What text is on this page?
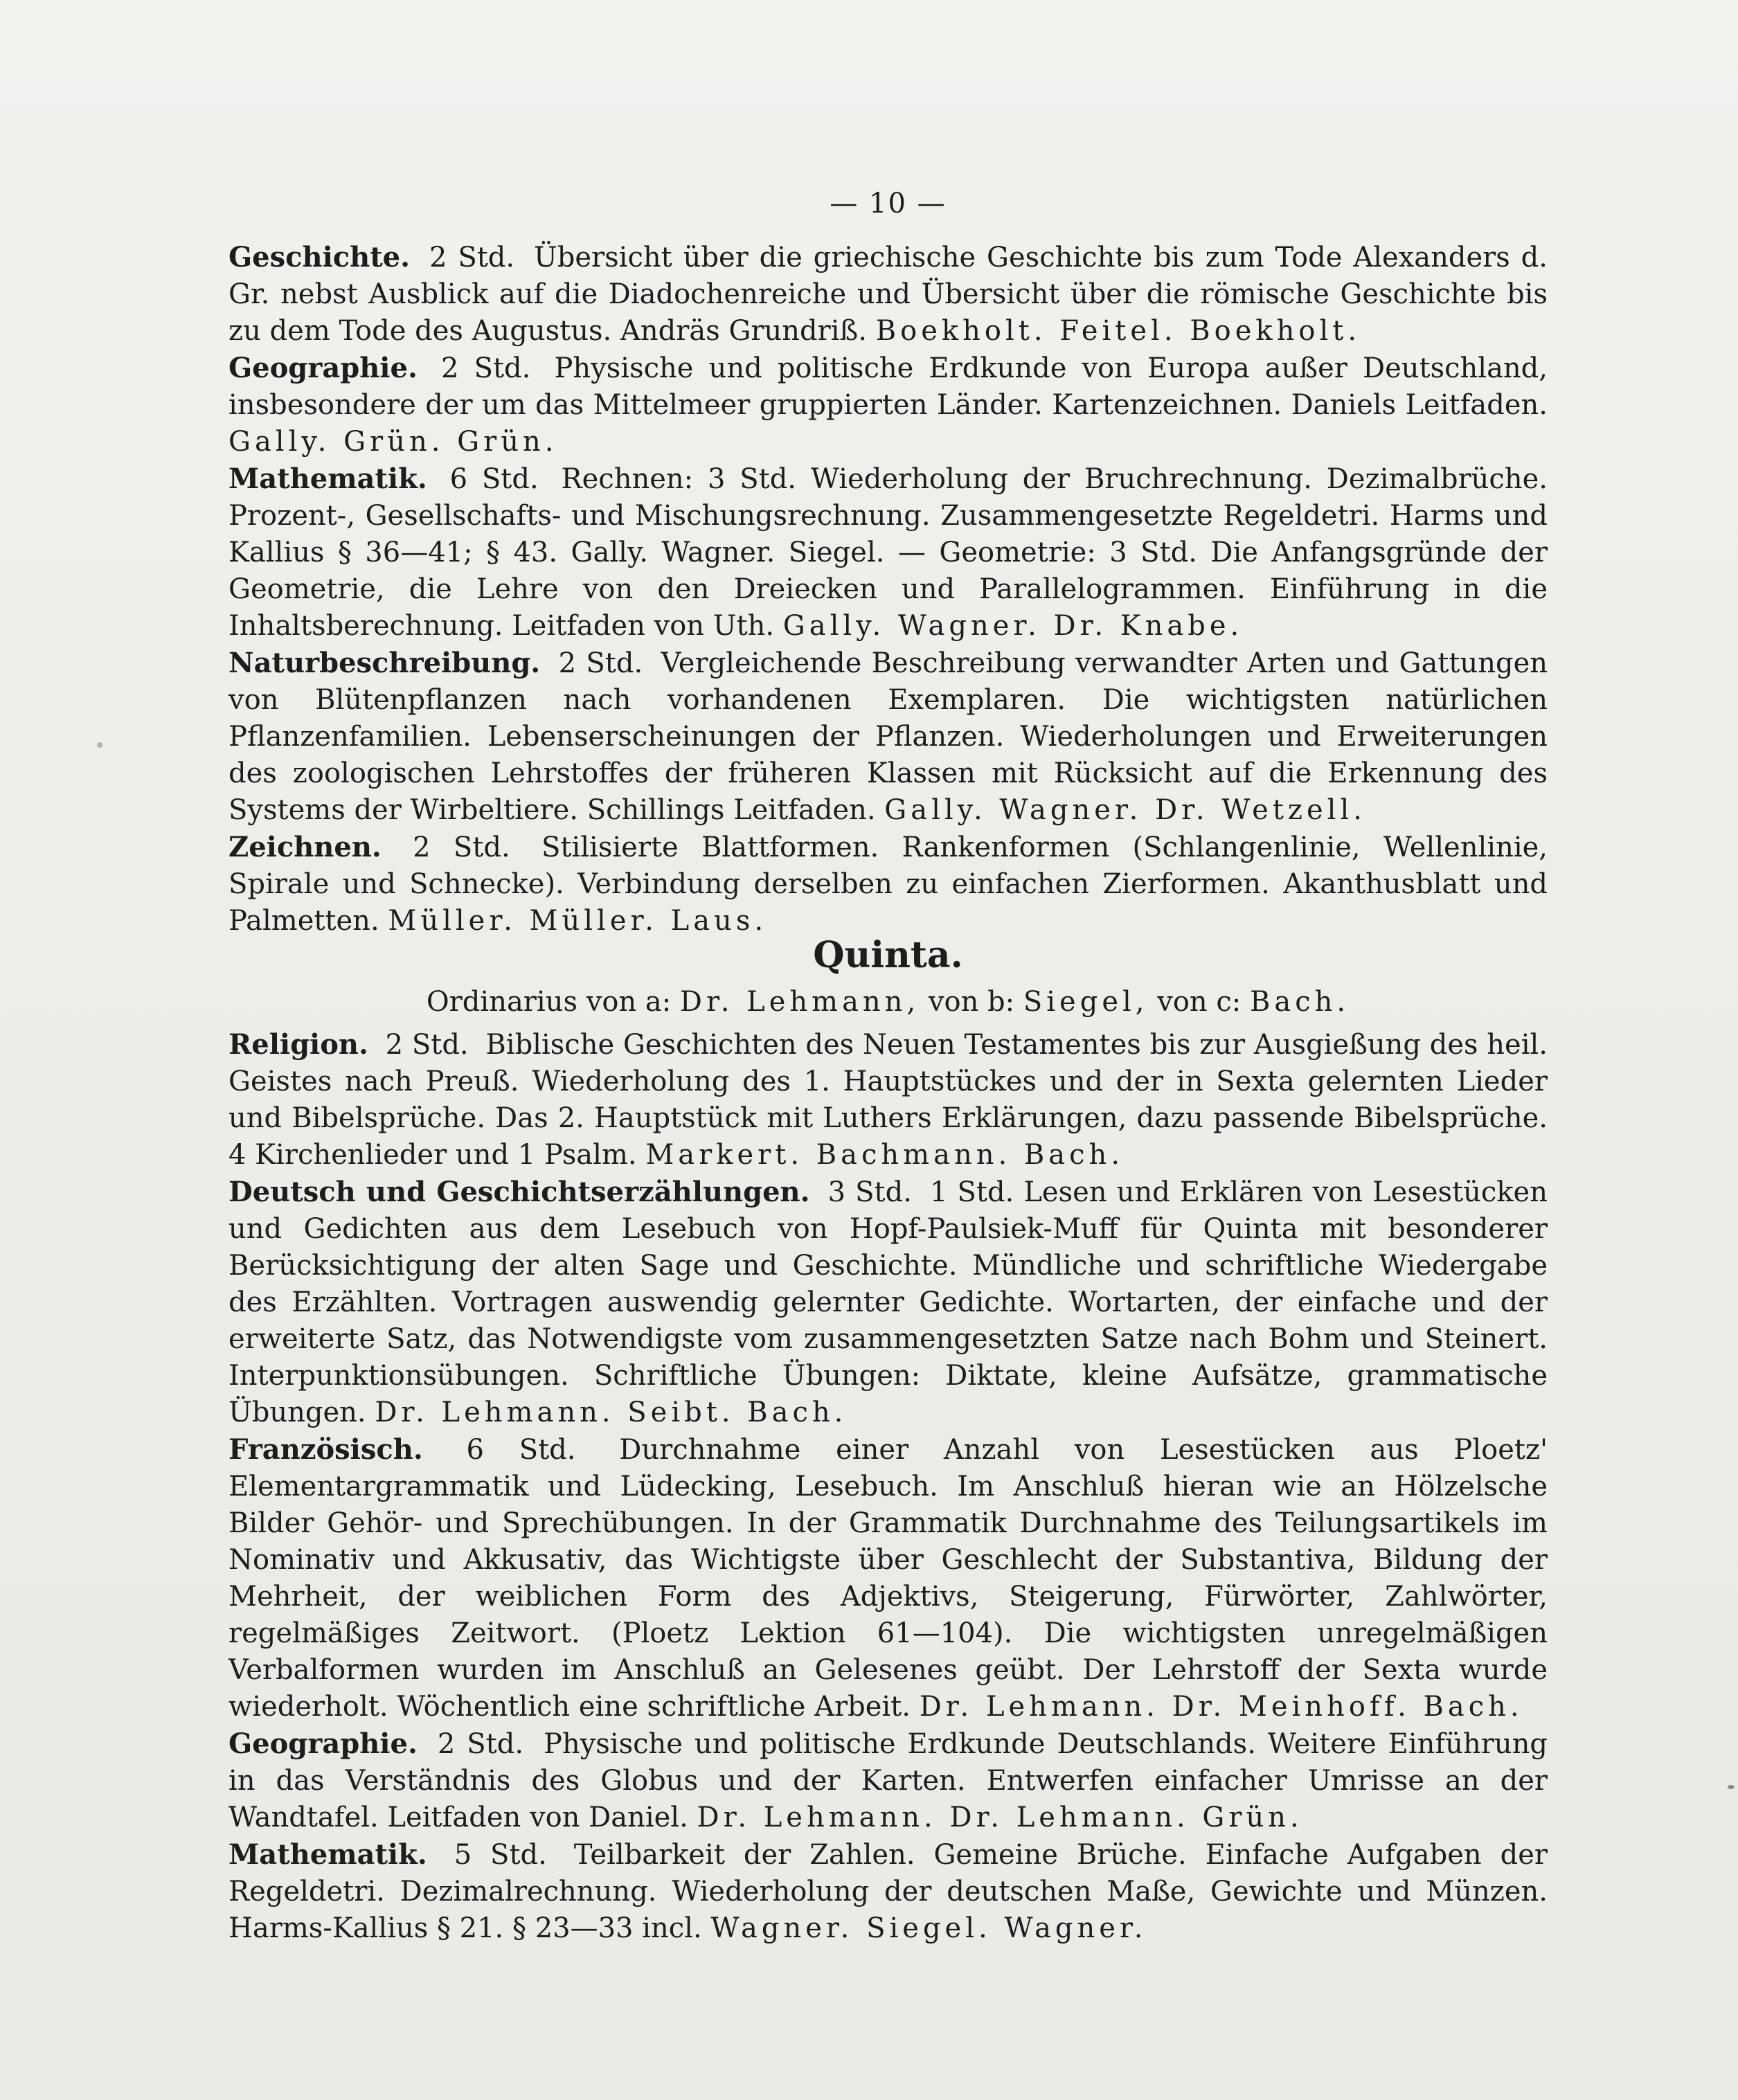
— 10 —

Geschichte. 2 Std. Übersicht über die griechische Geschichte bis zum Tode Alexanders d. Gr. nebst Ausblick auf die Diadochenreiche und Übersicht über die römische Geschichte bis zu dem Tode des Augustus. Andräs Grundriß. Boekholt. Feitel. Boekholt.

Geographie. 2 Std. Physische und politische Erdkunde von Europa außer Deutschland, insbesondere der um das Mittelmeer gruppierten Länder. Kartenzeichnen. Daniels Leitfaden. Gally. Grün. Grün.

Mathematik. 6 Std. Rechnen: 3 Std. Wiederholung der Bruchrechnung. Dezimalbrüche. Prozent-, Gesellschafts- und Mischungsrechnung. Zusammengesetzte Regeldetri. Harms und Kallius § 36—41; § 43. Gally. Wagner. Siegel. — Geometrie: 3 Std. Die Anfangsgründe der Geometrie, die Lehre von den Dreiecken und Parallelogrammen. Einführung in die Inhaltsberechnung. Leitfaden von Uth. Gally. Wagner. Dr. Knabe.

Naturbeschreibung. 2 Std. Vergleichende Beschreibung verwandter Arten und Gattungen von Blütenpflanzen nach vorhandenen Exemplaren. Die wichtigsten natürlichen Pflanzenfamilien. Lebenserscheinungen der Pflanzen. Wiederholungen und Erweiterungen des zoologischen Lehrstoffes der früheren Klassen mit Rücksicht auf die Erkennung des Systems der Wirbeltiere. Schillings Leitfaden. Gally. Wagner. Dr. Wetzell.

Zeichnen. 2 Std. Stilisierte Blattformen. Rankenformen (Schlangenlinie, Wellenlinie, Spirale und Schnecke). Verbindung derselben zu einfachen Zierformen. Akanthusblatt und Palmetten. Müller. Müller. Laus.

Quinta.
Ordinarius von a: Dr. Lehmann, von b: Siegel, von c: Bach.

Religion. 2 Std. Biblische Geschichten des Neuen Testamentes bis zur Ausgießung des heil. Geistes nach Preuß. Wiederholung des 1. Hauptstückes und der in Sexta gelernten Lieder und Bibelsprüche. Das 2. Hauptstück mit Luthers Erklärungen, dazu passende Bibelsprüche. 4 Kirchenlieder und 1 Psalm. Markert. Bachmann. Bach.

Deutsch und Geschichtserzählungen. 3 Std. 1 Std. Lesen und Erklären von Lesestücken und Gedichten aus dem Lesebuch von Hopf-Paulsiek-Muff für Quinta mit besonderer Berücksichtigung der alten Sage und Geschichte. Mündliche und schriftliche Wiedergabe des Erzählten. Vortragen auswendig gelernter Gedichte. Wortarten, der einfache und der erweiterte Satz, das Notwendigste vom zusammengesetzten Satze nach Bohm und Steinert. Interpunktionsübungen. Schriftliche Übungen: Diktate, kleine Aufsätze, grammatische Übungen. Dr. Lehmann. Seibt. Bach.

Französisch. 6 Std. Durchnahme einer Anzahl von Lesestücken aus Ploetz' Elementargrammatik und Lüdecking, Lesebuch. Im Anschluß hieran wie an Hölzelsche Bilder Gehör- und Sprechübungen. In der Grammatik Durchnahme des Teilungsartikels im Nominativ und Akkusativ, das Wichtigste über Geschlecht der Substantiva, Bildung der Mehrheit, der weiblichen Form des Adjektivs, Steigerung, Fürwörter, Zahlwörter, regelmäßiges Zeitwort. (Ploetz Lektion 61—104). Die wichtigsten unregelmäßigen Verbalformen wurden im Anschluß an Gelesenes geübt. Der Lehrstoff der Sexta wurde wiederholt. Wöchentlich eine schriftliche Arbeit. Dr. Lehmann. Dr. Meinhoff. Bach.

Geographie. 2 Std. Physische und politische Erdkunde Deutschlands. Weitere Einführung in das Verständnis des Globus und der Karten. Entwerfen einfacher Umrisse an der Wandtafel. Leitfaden von Daniel. Dr. Lehmann. Dr. Lehmann. Grün.

Mathematik. 5 Std. Teilbarkeit der Zahlen. Gemeine Brüche. Einfache Aufgaben der Regeldetri. Dezimalrechnung. Wiederholung der deutschen Maße, Gewichte und Münzen. Harms-Kallius § 21. § 23—33 incl. Wagner. Siegel. Wagner.
